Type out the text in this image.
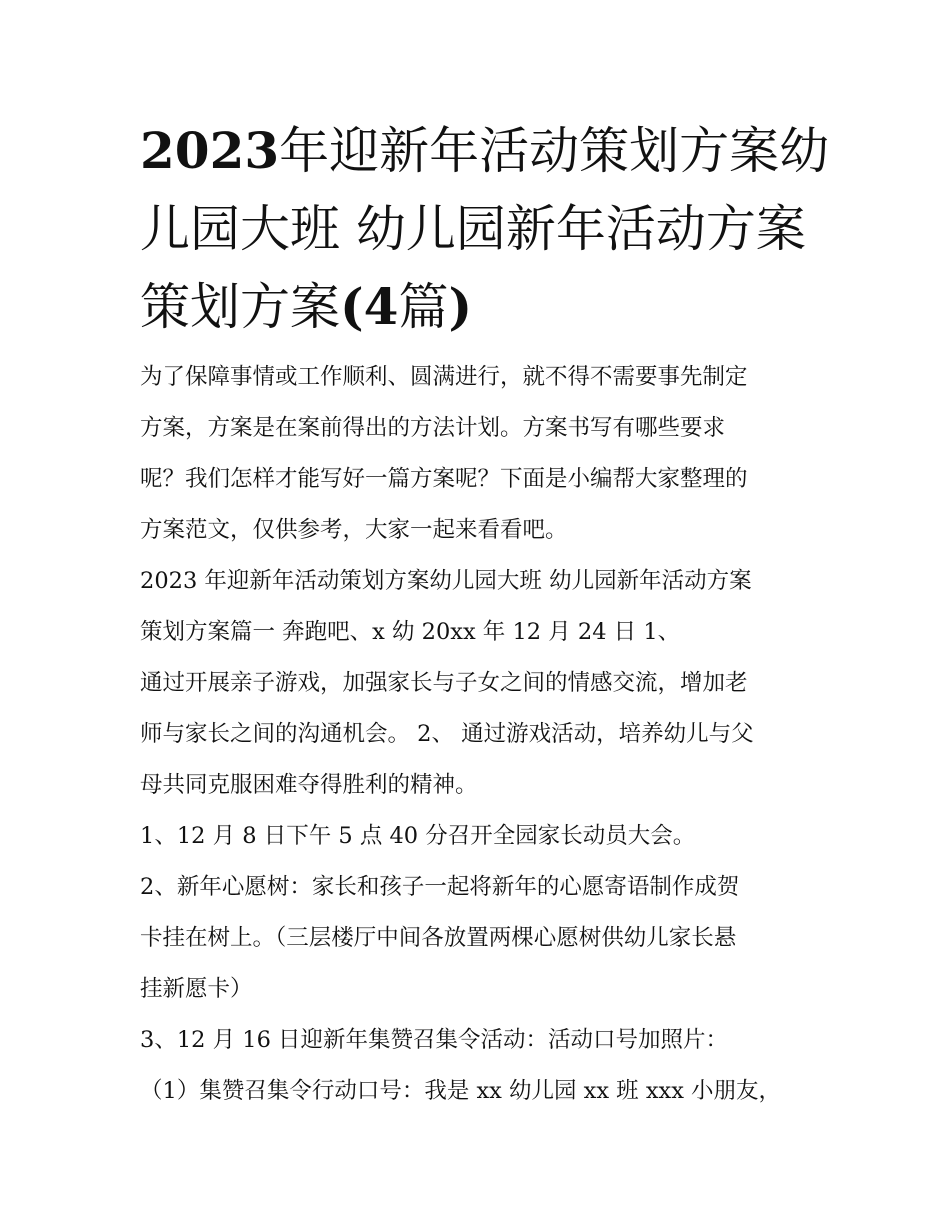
2023年迎新年活动策划方案幼
儿园大班 幼儿园新年活动方案
策划方案(4篇)
为了保障事情或工作顺利、圆满进行，就不得不需要事先制定
方案，方案是在案前得出的方法计划。方案书写有哪些要求
呢？我们怎样才能写好一篇方案呢？下面是小编帮大家整理的
方案范文，仅供参考，大家一起来看看吧。
2023 年迎新年活动策划方案幼儿园大班 幼儿园新年活动方案
策划方案篇一 奔跑吧、x 幼 20xx 年 12 月 24 日 1、
通过开展亲子游戏，加强家长与子女之间的情感交流，增加老
师与家长之间的沟通机会。 2、 通过游戏活动，培养幼儿与父
母共同克服困难夺得胜利的精神。
1、12 月 8 日下午 5 点 40 分召开全园家长动员大会。
2、新年心愿树：家长和孩子一起将新年的心愿寄语制作成贺
卡挂在树上。（三层楼厅中间各放置两棵心愿树供幼儿家长悬
挂新愿卡）
3、12 月 16 日迎新年集赞召集令活动：活动口号加照片：
（1）集赞召集令行动口号：我是 xx 幼儿园 xx 班 xxx 小朋友，
